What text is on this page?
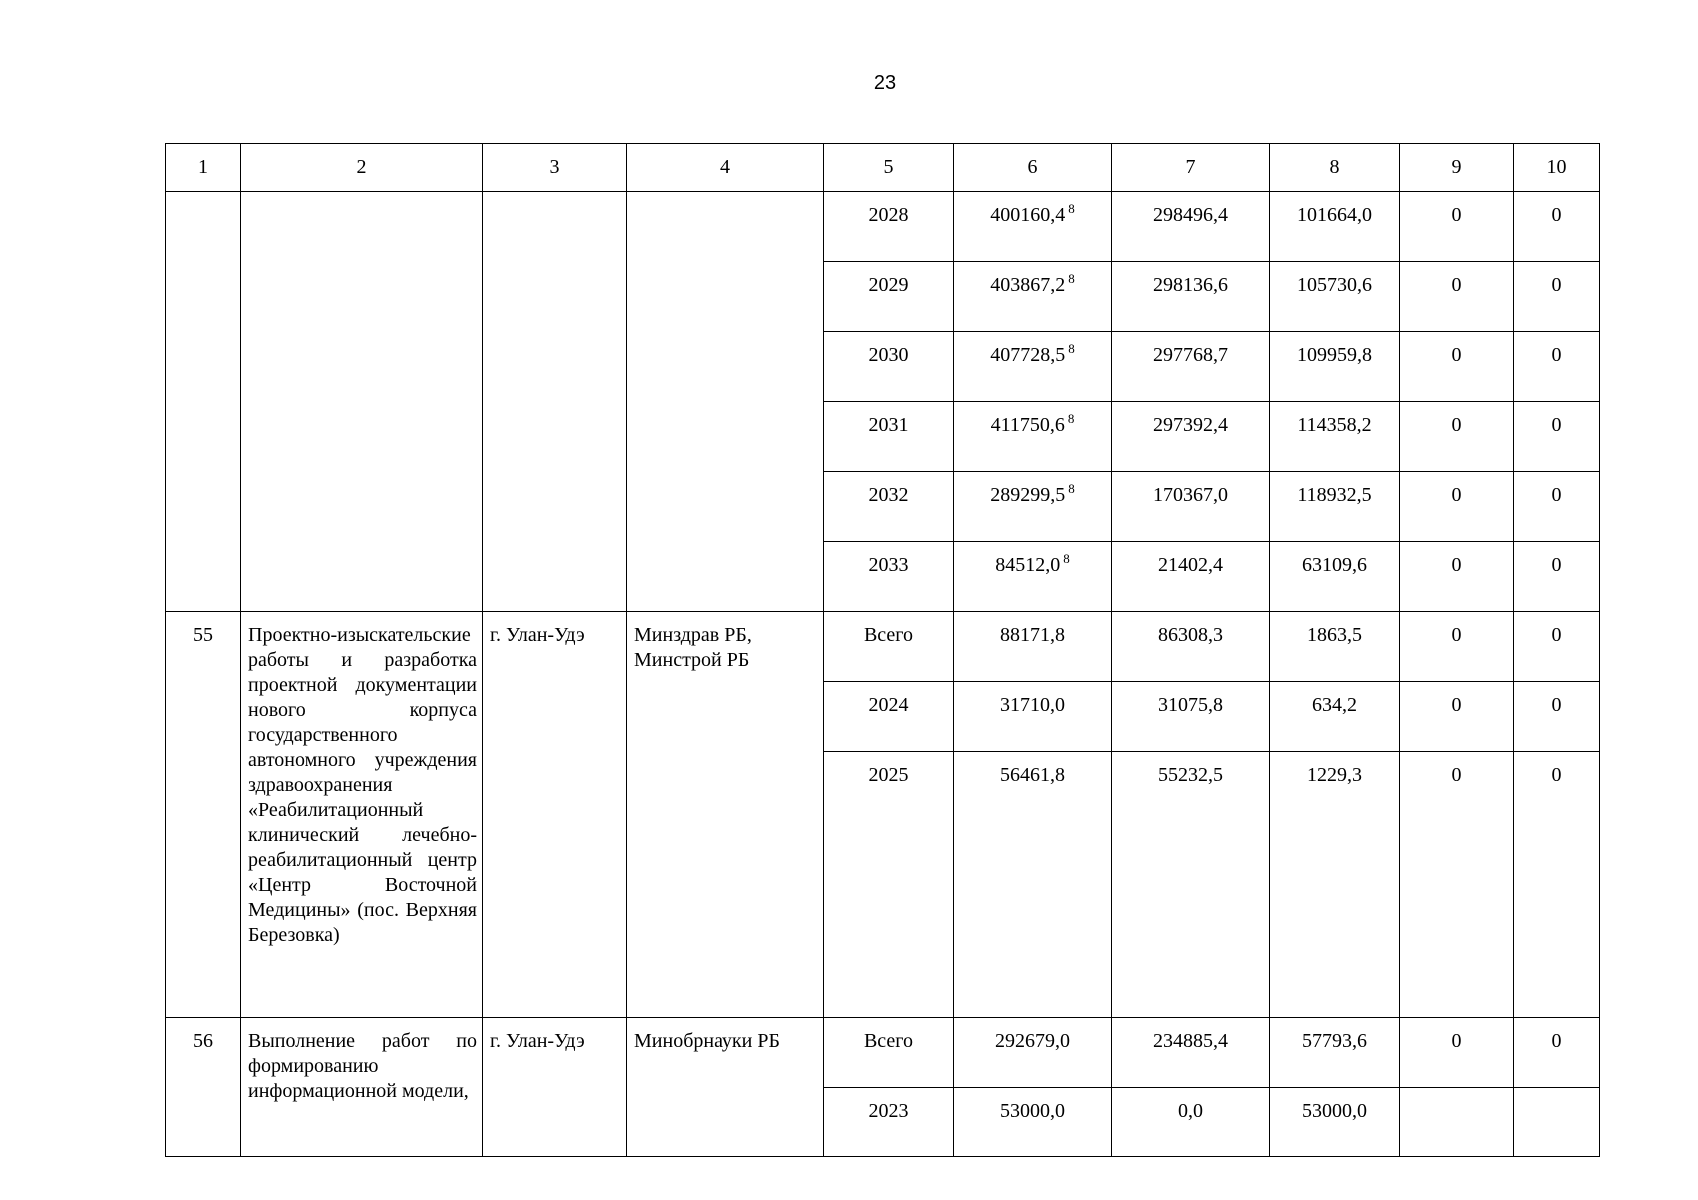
23
1	2	3	4	5	6	7	8	9	10
				2028	400160,4 $^8$	298496,4	101664,0	0	0
				2029	403867,2 $^8$	298136,6	105730,6	0	0
				2030	407728,5 $^8$	297768,7	109959,8	0	0
				2031	411750,6 $^8$	297392,4	114358,2	0	0
				2032	289299,5 $^8$	170367,0	118932,5	0	0
				2033	84512,0 $^8$	21402,4	63109,6	0	0
55	Проектно-изыскательские работы и разработка проектной документации нового корпуса государственного автономного учреждения здравоохранения «Реабилитационный клинический лечебно-реабилитационный центр «Центр Восточной Медицины» (пос. Верхняя Березовка)	г. Улан-Удэ	Минздрав РБ, Минстрой РБ	Всего	88171,8	86308,3	1863,5	0	0
				2024	31710,0	31075,8	634,2	0	0
				2025	56461,8	55232,5	1229,3	0	0
56	Выполнение работ по формированию информационной модели,	г. Улан-Удэ	Минобрнауки РБ	Всего	292679,0	234885,4	57793,6	0	0
				2023	53000,0	0,0	53000,0		
